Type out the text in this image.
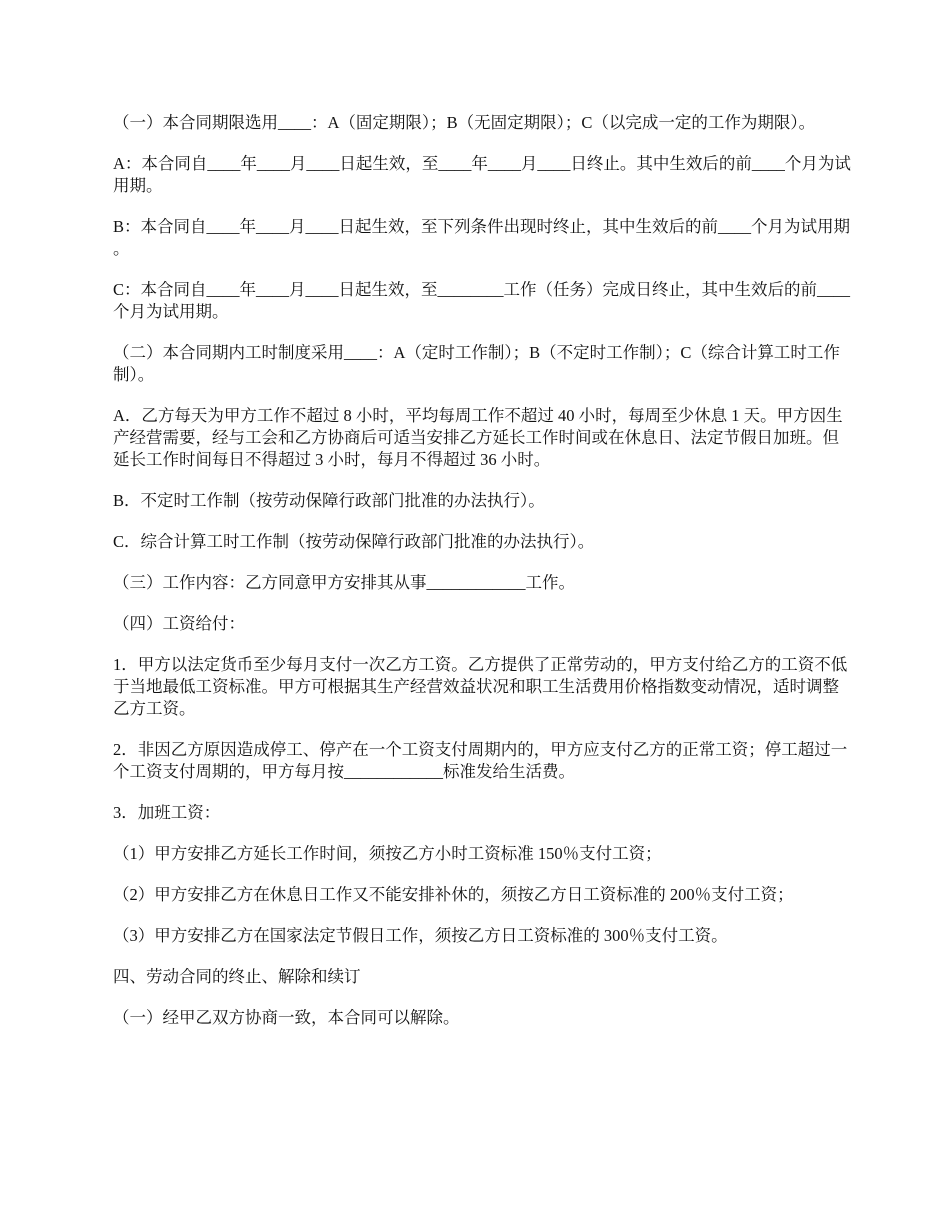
（一）本合同期限选用____：A（固定期限）；B（无固定期限）；C（以完成一定的工作为期限）。

A：本合同自____年____月____日起生效，至____年____月____日终止。其中生效后的前____个月为试用期。

B：本合同自____年____月____日起生效，至下列条件出现时终止，其中生效后的前____个月为试用期。

C：本合同自____年____月____日起生效，至________工作（任务）完成日终止，其中生效后的前____个月为试用期。

（二）本合同期内工时制度采用____：A（定时工作制）；B（不定时工作制）；C（综合计算工时工作制）。

A．乙方每天为甲方工作不超过 8 小时，平均每周工作不超过 40 小时，每周至少休息 1 天。甲方因生产经营需要，经与工会和乙方协商后可适当安排乙方延长工作时间或在休息日、法定节假日加班。但延长工作时间每日不得超过 3 小时，每月不得超过 36 小时。

B．不定时工作制（按劳动保障行政部门批准的办法执行）。

C．综合计算工时工作制（按劳动保障行政部门批准的办法执行）。

（三）工作内容：乙方同意甲方安排其从事____________工作。

（四）工资给付：

1．甲方以法定货币至少每月支付一次乙方工资。乙方提供了正常劳动的，甲方支付给乙方的工资不低于当地最低工资标准。甲方可根据其生产经营效益状况和职工生活费用价格指数变动情况，适时调整乙方工资。

2．非因乙方原因造成停工、停产在一个工资支付周期内的，甲方应支付乙方的正常工资；停工超过一个工资支付周期的，甲方每月按____________标准发给生活费。

3．加班工资：

（1）甲方安排乙方延长工作时间，须按乙方小时工资标准 150％支付工资；

（2）甲方安排乙方在休息日工作又不能安排补休的，须按乙方日工资标准的 200％支付工资；

（3）甲方安排乙方在国家法定节假日工作，须按乙方日工资标准的 300％支付工资。

四、劳动合同的终止、解除和续订

（一）经甲乙双方协商一致，本合同可以解除。
